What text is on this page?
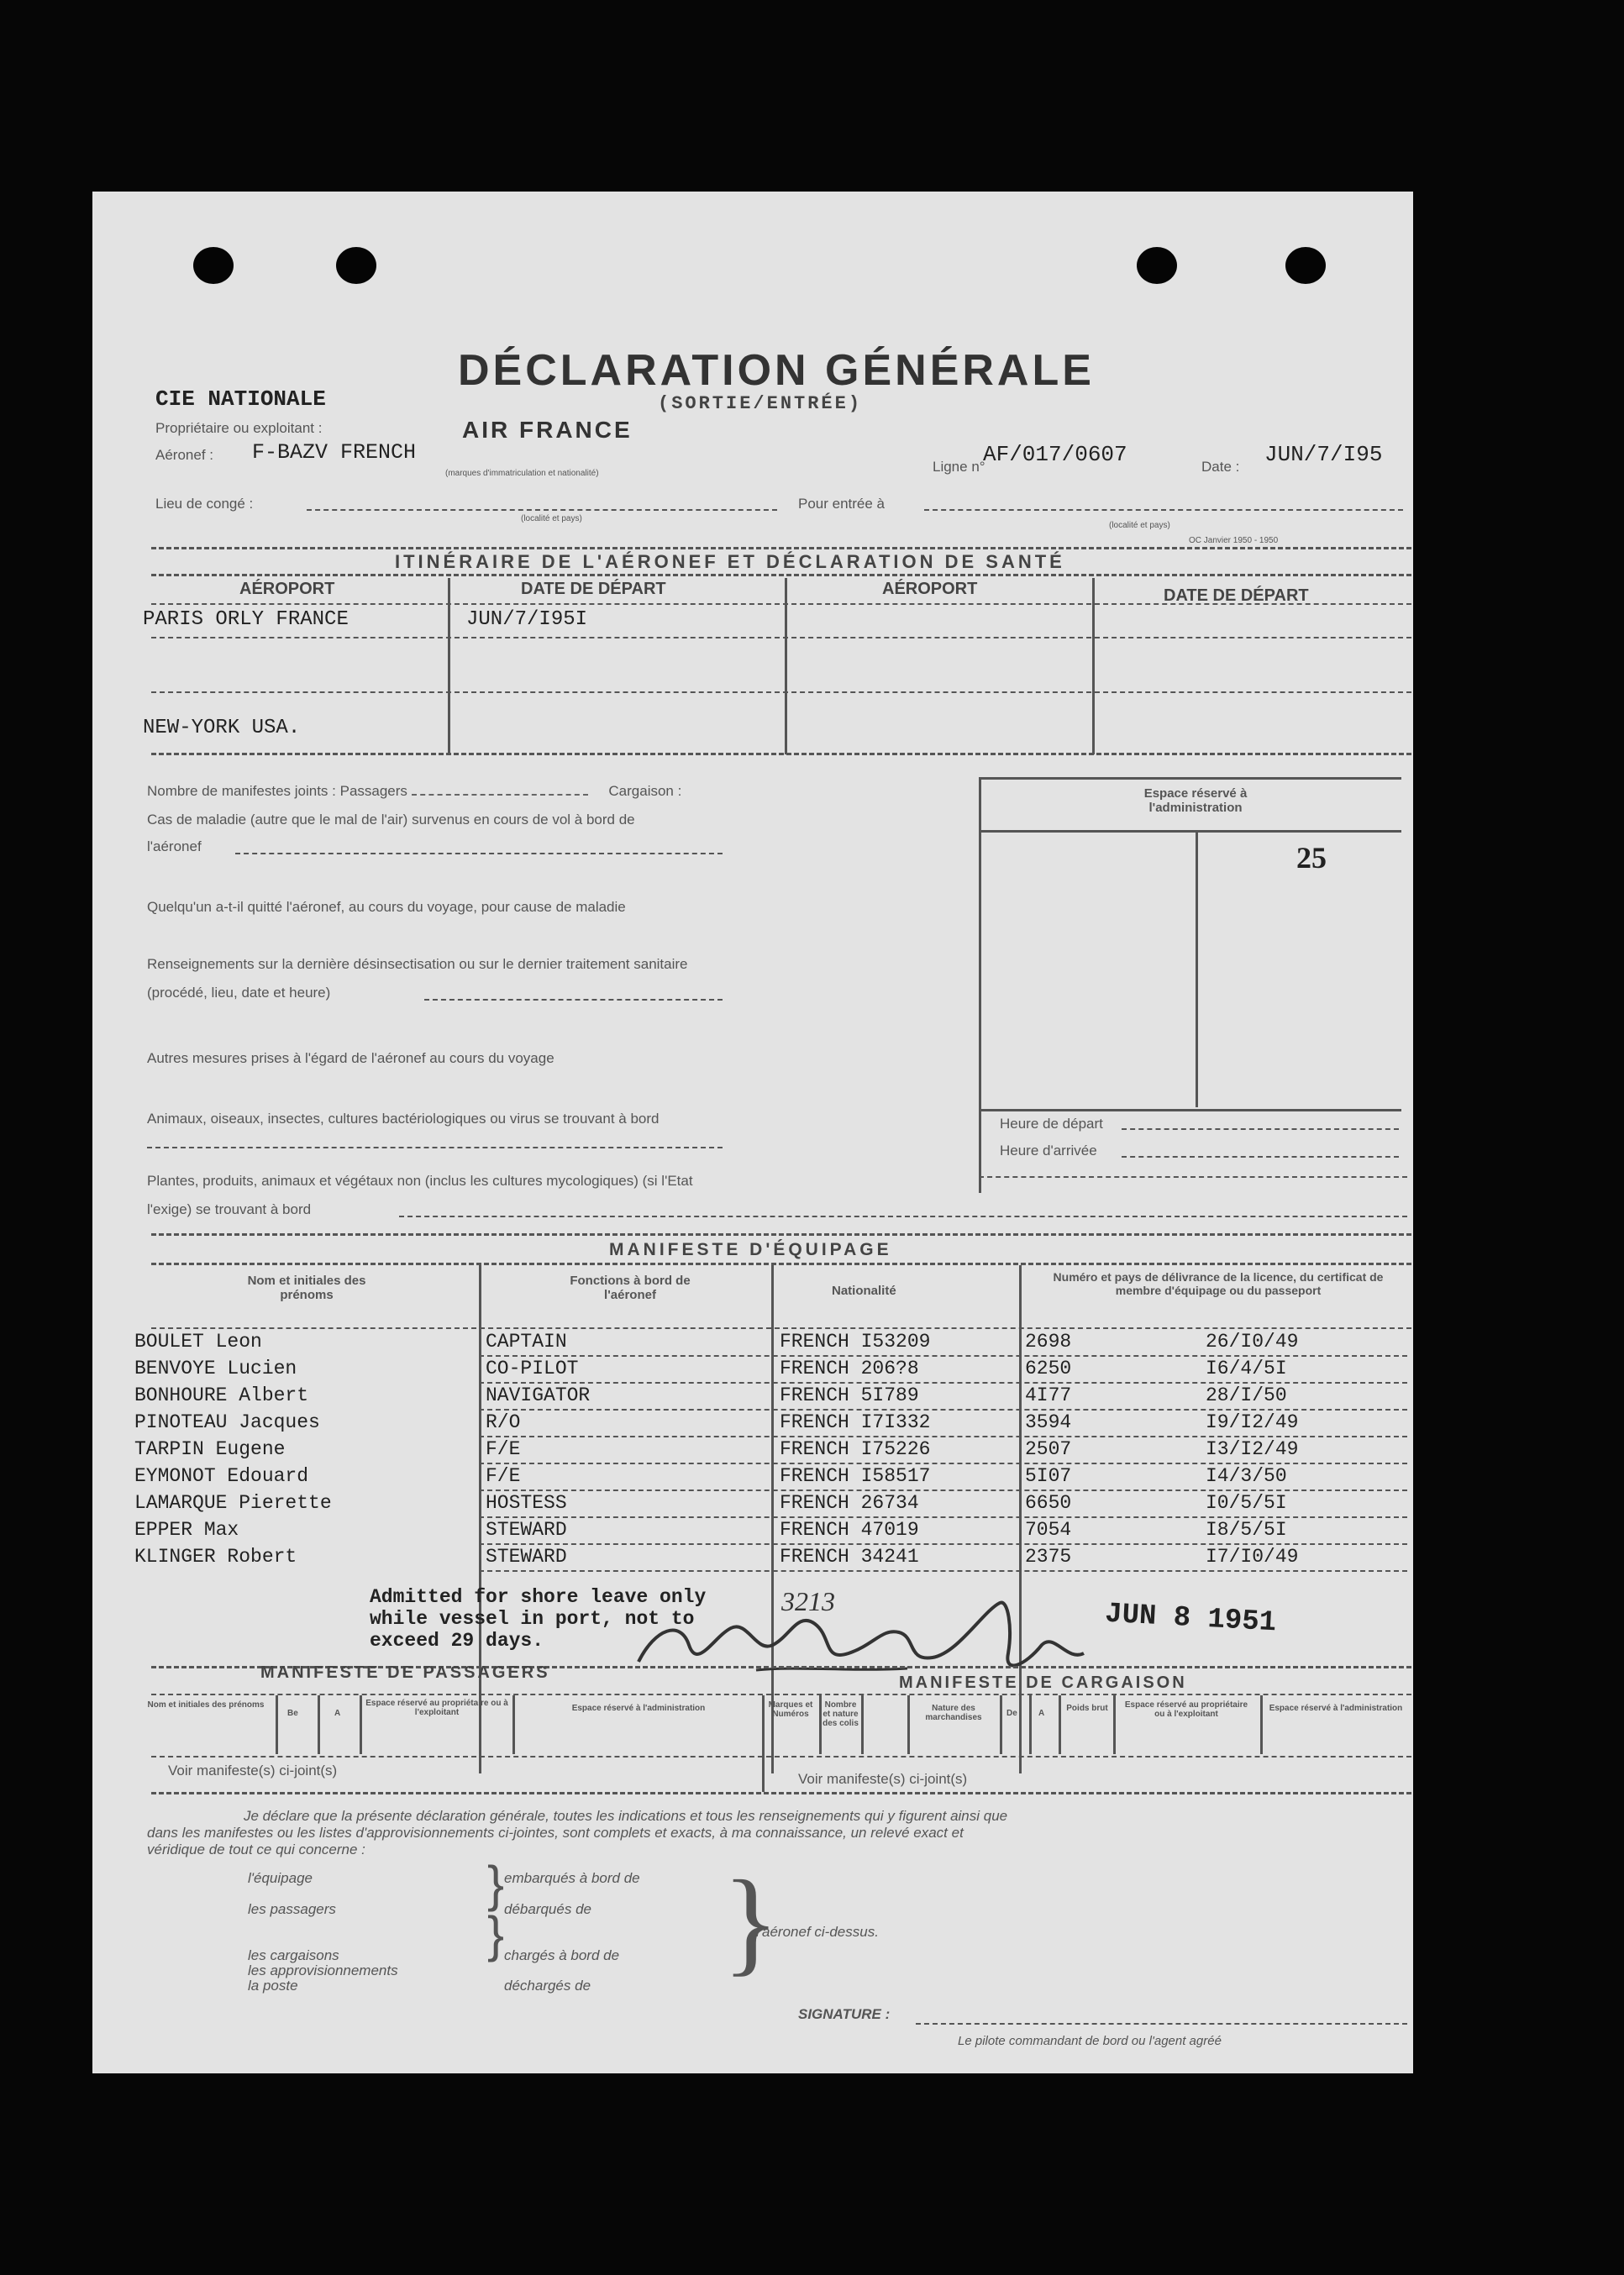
DÉCLARATION GÉNÉRALE
(SORTIE/ENTRÉE)
CIE NATIONALE
Propriétaire ou exploitant :	AIR FRANCE
Aéronef : F-BAZV FRENCH
(marques d'immatriculation et nationalité)	Ligne n°
AF/017/0607	Date : JUN/7/I95
Lieu de congé :
(localité et pays)
Pour entrée à
(localité et pays)
OC Janvier 1950 - 1950
ITINÉRAIRE DE L'AÉRONEF ET DÉCLARATION DE SANTÉ
AÉROPORT	DATE DE DÉPART	AÉROPORT	DATE DE DÉPART
PARIS ORLY FRANCE	JUN/7/I95I
NEW-YORK USA.
Nombre de manifestes joints : Passagers	Cargaison :
Cas de maladie (autre que le mal de l'air) survenus en cours de vol à bord de
l'aéronef
Quelqu'un a-t-il quitté l'aéronef, au cours du voyage, pour cause de maladie
Renseignements sur la dernière désinsectisation ou sur le dernier traitement sanitaire
(procédé, lieu, date et heure)
Autres mesures prises à l'égard de l'aéronef au cours du voyage
Animaux, oiseaux, insectes, cultures bactériologiques ou virus se trouvant à bord
Plantes, produits, animaux et végétaux non (inclus les cultures mycologiques) (si l'Etat
l'exige) se trouvant à bord
Espace réservé à l'administration
25
Heure de départ
Heure d'arrivée
MANIFESTE D'ÉQUIPAGE
Nom et initiales des prénoms
Fonctions à bord de l'aéronef	Nationalité
Numéro et pays de délivrance de la licence, du certificat de membre d'équipage ou du passeport
BOULET Leon	CAPTAIN	FRENCH I53209	2698	26/I0/49
BENVOYE Lucien	CO-PILOT	FRENCH 206?8	6250	I6/4/5I
BONHOURE Albert	NAVIGATOR	FRENCH 5I789	4I77	28/I/50
PINOTEAU Jacques	R/O	FRENCH I7I332	3594	I9/I2/49
TARPIN Eugene	F/E	FRENCH I75226	2507	I3/I2/49
EYMONOT Edouard	F/E	FRENCH I58517	5I07	I4/3/50
LAMARQUE Pierette	HOSTESS	FRENCH 26734	6650	I0/5/5I
EPPER Max	STEWARD	FRENCH 47019	7054	I8/5/5I
KLINGER Robert	STEWARD	FRENCH 34241	2375	I7/I0/49
Admitted for shore leave only
while vessel in port, not to
exceed 29 days.
JUN 8 1951
3213
MANIFESTE DE PASSAGERS
MANIFESTE DE CARGAISON
Nom et initiales des prénoms
Be	A
Espace réservé au propriétaire ou à l'exploitant	Espace réservé à l'administration	Marques et Numéros
Nombre et nature des colis
Nature des marchandises	De	A
Poids brut	Espace réservé au propriétaire ou à l'exploitant
Espace réservé à l'administration
Voir manifeste(s) ci-joint(s)
Voir manifeste(s) ci-joint(s)
Je déclare que la présente déclaration générale, toutes les indications et tous les renseignements qui y figurent ainsi que
dans les manifestes ou les listes d'approvisionnements ci-jointes, sont complets et exacts, à ma connaissance, un relevé exact et
véridique de tout ce qui concerne :
l'équipage
les passagers
les cargaisons
les approvisionnements
la poste
}
}
embarqués à bord de
débarqués de
chargés à bord de
déchargés de }
l'aéronef ci-dessus.
SIGNATURE :
Le pilote commandant de bord ou l'agent agréé
